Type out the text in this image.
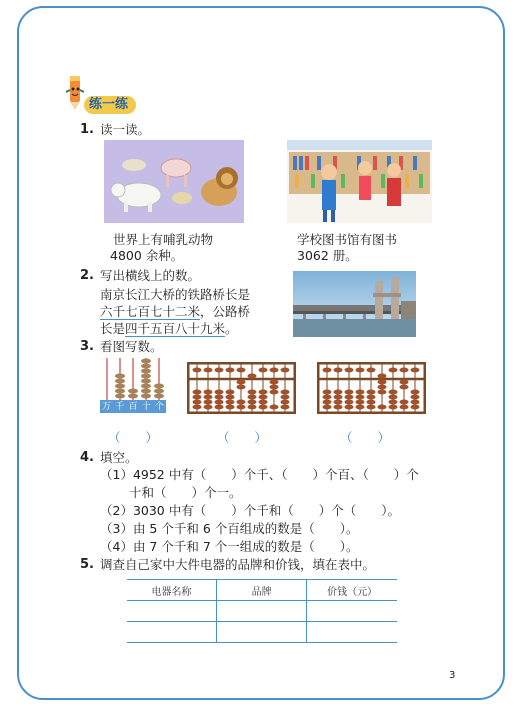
练一练
1. 读一读。
世界上有哺乳动物
4800 余种。
学校图书馆有图书
3062 册。
2. 写出横线上的数。
南京长江大桥的铁路桥长是
六千七百七十二米，公路桥
长是四千五百八十九米。
3. 看图写数。
万 千 百 十 个
（　　）	（　　）	（　　）
4. 填空。
（1）4952 中有（　　）个千、（　　）个百、（　　）个
十和（　　）个一。
（2）3030 中有（　　）个千和（　　）个（　　）。
（3）由 5 个千和 6 个百组成的数是（　　）。
（4）由 7 个千和 7 个一组成的数是（　　）。
5. 调查自己家中大件电器的品牌和价钱，填在表中。
电器名称	品牌	价钱（元）

3
